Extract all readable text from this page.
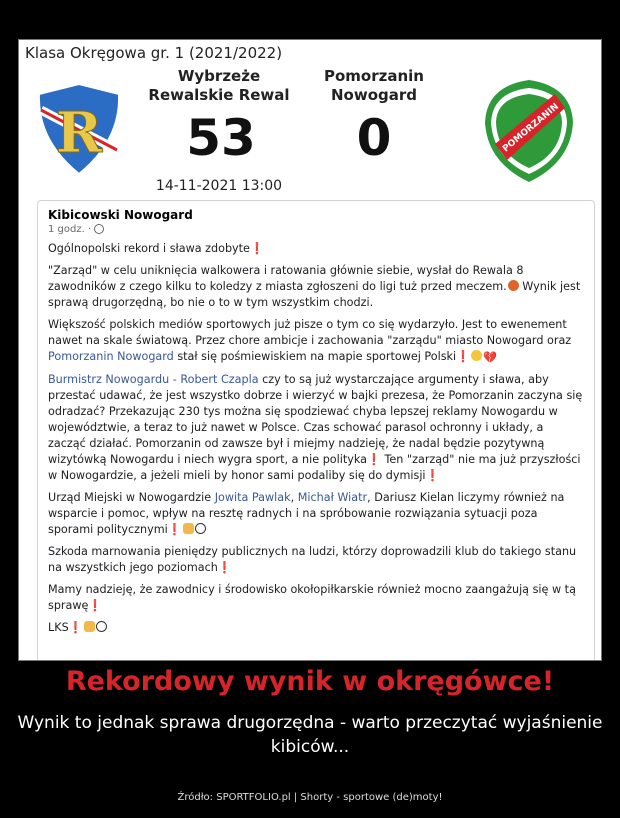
Klasa Okręgowa gr. 1 (2021/2022)
R
Wybrzeże
Rewalskie Rewal
Pomorzanin
Nowogard
53	0
14-11-2021 13:00
POMORZANIN
Kibicowski Nowogard
1 godz. ·
Ogólnopolski rekord i sława zdobyte❗
"Zarząd" w celu uniknięcia walkowera i ratowania głównie siebie, wysłał do Rewala 8 zawodników z czego kilku to koledzy z miasta zgłoszeni do ligi tuż przed meczem. Wynik jest sprawą drugorzędną, bo nie o to w tym wszystkim chodzi.
Większość polskich mediów sportowych już pisze o tym co się wydarzyło. Jest to ewenement nawet na skale światową. Przez chore ambicje i zachowania "zarządu" miasto Nowogard oraz Pomorzanin Nowogard stał się pośmiewiskiem na mapie sportowej Polski❗ 💔
Burmistrz Nowogardu - Robert Czapla czy to są już wystarczające argumenty i sława, aby przestać udawać, że jest wszystko dobrze i wierzyć w bajki prezesa, że Pomorzanin zaczyna się odradzać? Przekazując 230 tys można się spodziewać chyba lepszej reklamy Nowogardu w województwie, a teraz to już nawet w Polsce. Czas schować parasol ochronny i układy, a zacząć działać. Pomorzanin od zawsze był i miejmy nadzieję, że nadal będzie pozytywną wizytówką Nowogardu i niech wygra sport, a nie polityka❗ Ten "zarząd" nie ma już przyszłości w Nowogardzie, a jeżeli mieli by honor sami podaliby się do dymisji❗
Urząd Miejski w Nowogardzie Jowita Pawlak, Michał Wiatr, Dariusz Kielan liczymy również na wsparcie i pomoc, wpływ na resztę radnych i na spróbowanie rozwiązania sytuacji poza sporami politycznymi❗
Szkoda marnowania pieniędzy publicznych na ludzi, którzy doprowadzili klub do takiego stanu na wszystkich jego poziomach❗
Mamy nadzieję, że zawodnicy i środowisko okołopiłkarskie również mocno zaangażują się w tą sprawę❗
LKS❗
Rekordowy wynik w okręgówce!
Wynik to jednak sprawa drugorzędna - warto przeczytać wyjaśnienie kibiców...
Źródło: SPORTFOLIO.pl | Shorty - sportowe (de)moty!
